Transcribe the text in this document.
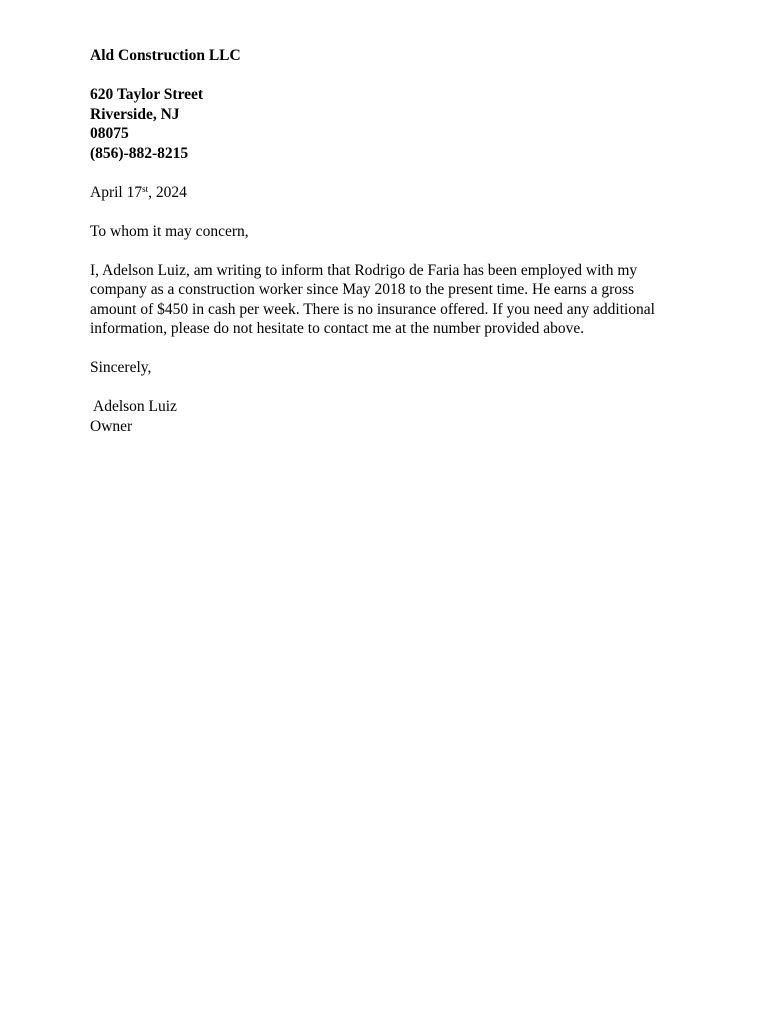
Ald Construction LLC
620 Taylor Street
Riverside, NJ
08075
(856)-882-8215
April 17st, 2024
To whom it may concern,
I, Adelson Luiz, am writing to inform that Rodrigo de Faria has been employed with my company as a construction worker since May 2018 to the present time. He earns a gross amount of $450 in cash per week. There is no insurance offered. If you need any additional information, please do not hesitate to contact me at the number provided above.
Sincerely,
Adelson Luiz
Owner
